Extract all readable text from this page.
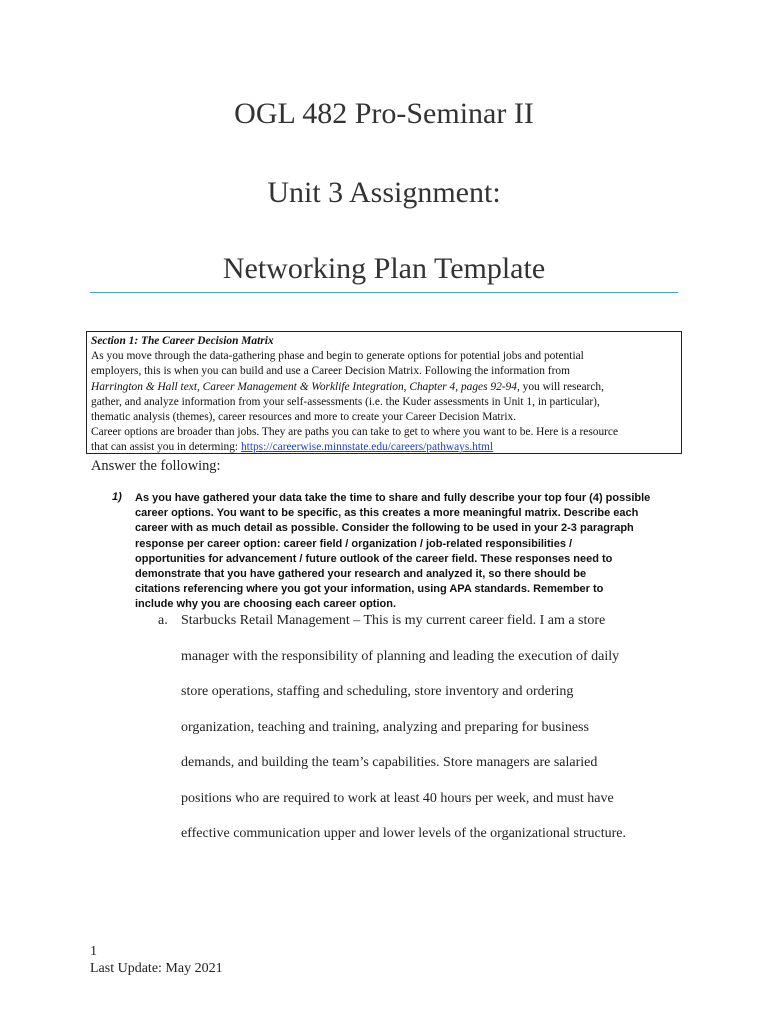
OGL 482 Pro-Seminar II
Unit 3 Assignment:
Networking Plan Template

Section 1: The Career Decision Matrix

As you move through the data-gathering phase and begin to generate options for potential jobs and potential

employers, this is when you can build and use a Career Decision Matrix. Following the information from

Harrington & Hall text, Career Management & Worklife Integration, Chapter 4, pages 92-94, you will research,

gather, and analyze information from your self-assessments (i.e. the Kuder assessments in Unit 1, in particular),

thematic analysis (themes), career resources and more to create your Career Decision Matrix.

Career options are broader than jobs. They are paths you can take to get to where you want to be. Here is a resource

that can assist you in determing: https://careerwise.minnstate.edu/careers/pathways.html

Answer the following:
1) As you have gathered your data take the time to share and fully describe your top four (4) possible

career options. You want to be specific, as this creates a more meaningful matrix. Describe each

career with as much detail as possible. Consider the following to be used in your 2-3 paragraph

response per career option: career field / organization / job-related responsibilities /

opportunities for advancement / future outlook of the career field. These responses need to

demonstrate that you have gathered your research and analyzed it, so there should be

citations referencing where you got your information, using APA standards. Remember to

include why you are choosing each career option.

a. Starbucks Retail Management – This is my current career field. I am a store

manager with the responsibility of planning and leading the execution of daily

store operations, staffing and scheduling, store inventory and ordering

organization, teaching and training, analyzing and preparing for business

demands, and building the team’s capabilities. Store managers are salaried

positions who are required to work at least 40 hours per week, and must have

effective communication upper and lower levels of the organizational structure.

1
Last Update: May 2021
